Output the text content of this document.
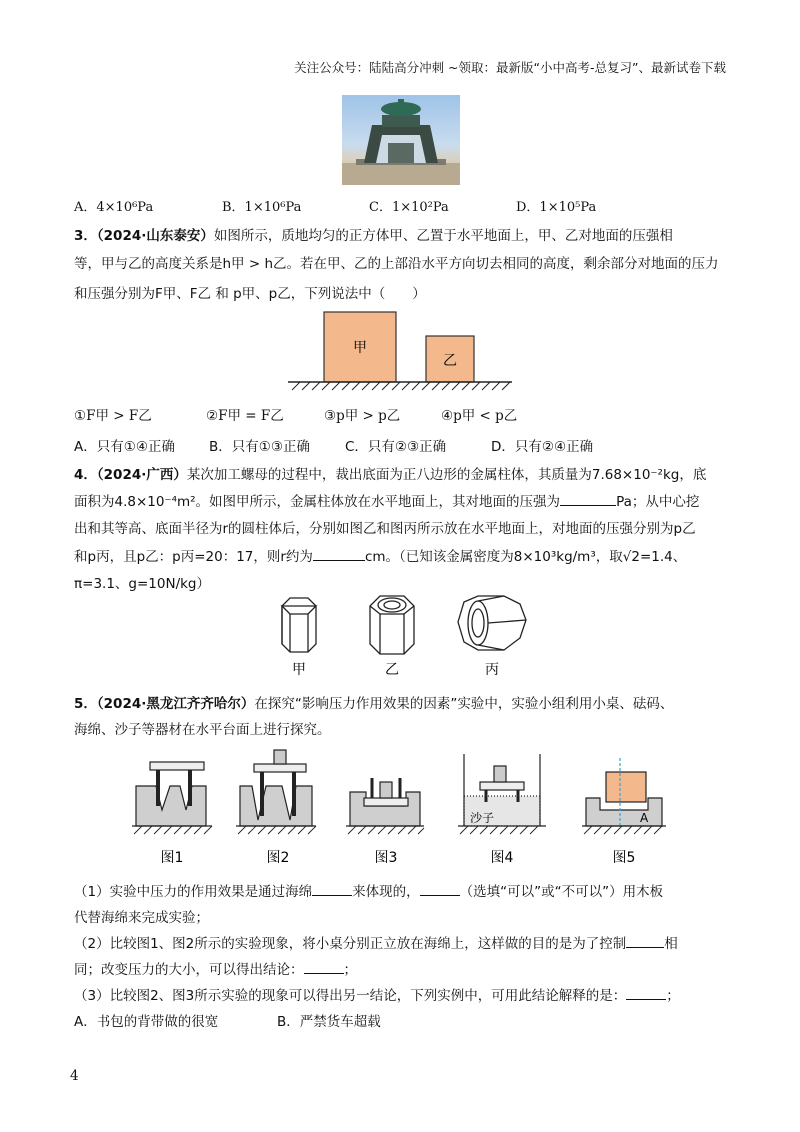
关注公众号：陆陆高分冲刺 ~领取：最新版“小中高考-总复习”、最新试卷下载
A．4×10⁶Pa	B．1×10⁶Pa	C．1×10²Pa	D．1×10⁵Pa
3．（2024·山东泰安）如图所示，质地均匀的正方体甲、乙置于水平地面上，甲、乙对地面的压强相
等，甲与乙的高度关系是h甲 > h乙。若在甲、乙的上部沿水平方向切去相同的高度，剩余部分对地面的压力
和压强分别为F甲、F乙 和 p甲、p乙，下列说法中（　　）
甲
乙
①F甲 > F乙	②F甲 = F乙	③p甲 > p乙	④p甲 < p乙
A．只有①④正确	B．只有①③正确	C．只有②③正确	D．只有②④正确
4．（2024·广西）某次加工螺母的过程中，裁出底面为正八边形的金属柱体，其质量为7.68×10⁻²kg，底
面积为4.8×10⁻⁴m²。如图甲所示，金属柱体放在水平地面上，其对地面的压强为	Pa；从中心挖
出和其等高、底面半径为r的圆柱体后，分别如图乙和图丙所示放在水平地面上，对地面的压强分别为p乙
和p丙，且p乙：p丙=20：17，则r约为	cm。（已知该金属密度为8×10³kg/m³，取√2=1.4、
π=3.1、g=10N/kg）
甲	乙	丙
5．（2024·黑龙江齐齐哈尔）在探究“影响压力作用效果的因素”实验中，实验小组利用小桌、砝码、
海绵、沙子等器材在水平台面上进行探究。
沙子	A
图1	图2	图3	图4	图5
（1）实验中压力的作用效果是通过海绵	来体现的，	（选填“可以”或“不可以”）用木板
代替海绵来完成实验；
（2）比较图1、图2所示的实验现象，将小桌分别正立放在海绵上，这样做的目的是为了控制	相
同；改变压力的大小，可以得出结论：	；
（3）比较图2、图3所示实验的现象可以得出另一结论，下列实例中，可用此结论解释的是：	；
A．书包的背带做的很宽	B．严禁货车超载
4
